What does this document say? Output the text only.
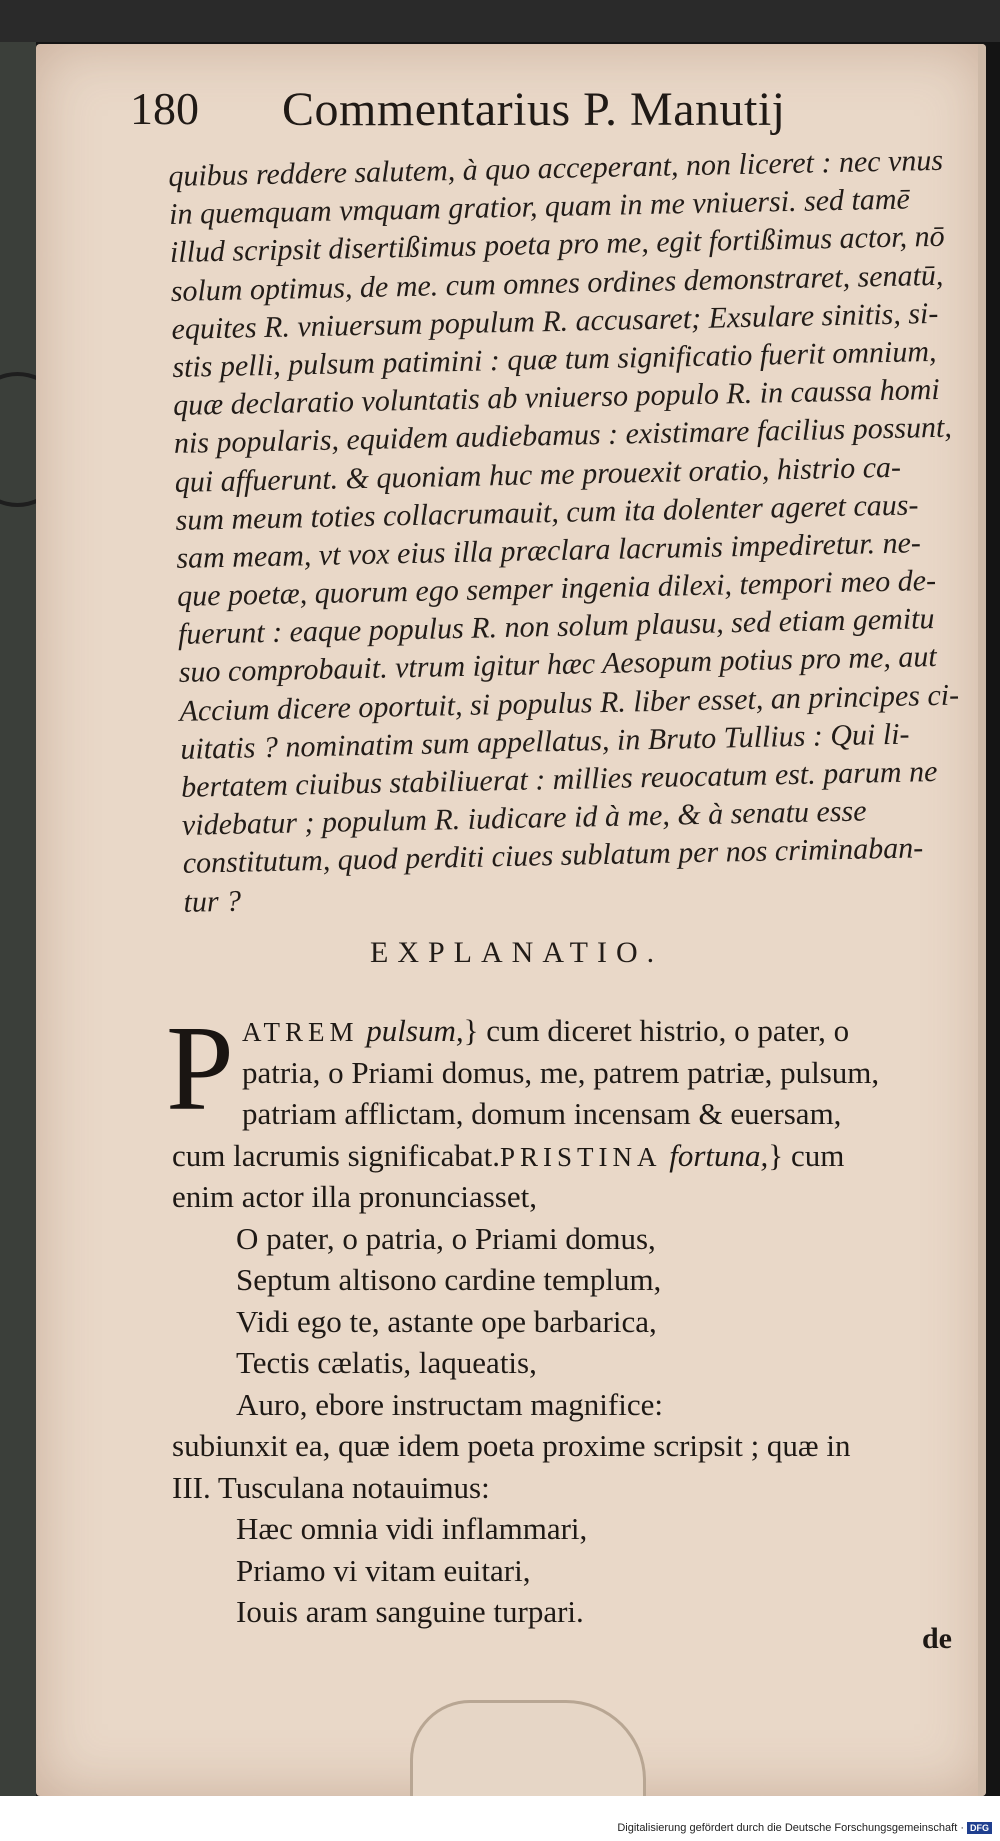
180 Commentarius P. Manutij
quibus reddere salutem, à quo acceperant, non liceret : nec vnus
in quemquam vmquam gratior, quam in me vniuersi. sed tamē
illud scripsit disertißimus poeta pro me, egit fortißimus actor, nō
solum optimus, de me. cum omnes ordines demonstraret, senatū,
equites R. vniuersum populum R. accusaret; Exsulare sinitis, si-
stis pelli, pulsum patimini : quæ tum significatio fuerit omnium,
quæ declaratio voluntatis ab vniuerso populo R. in caussa homi
nis popularis, equidem audiebamus : existimare facilius possunt,
qui affuerunt. & quoniam huc me prouexit oratio, histrio ca-
sum meum toties collacrumauit, cum ita dolenter ageret caus-
sam meam, vt vox eius illa præclara lacrumis impediretur. ne-
que poetæ, quorum ego semper ingenia dilexi, tempori meo de-
fuerunt : eaque populus R. non solum plausu, sed etiam gemitu
suo comprobauit. vtrum igitur hæc Aesopum potius pro me, aut
Accium dicere oportuit, si populus R. liber esset, an principes ci-
uitatis ? nominatim sum appellatus, in Bruto Tullius : Qui li-
bertatem ciuibus stabiliuerat : millies reuocatum est. parum ne
videbatur ; populum R. iudicare id à me, & à senatu esse
constitutum, quod perditi ciues sublatum per nos criminaban-
tur ?
EXPLANATIO.
P ATREM pulsum,} cum diceret histrio, o pater, o
patria, o Priami domus, me, patrem patriæ, pulsum,
patriam afflictam, domum incensam & euersam,
cum lacrumis significabat.PRISTINA fortuna,} cum
enim actor illa pronunciasset,
O pater, o patria, o Priami domus,
Septum altisono cardine templum,
Vidi ego te, astante ope barbarica,
Tectis cælatis, laqueatis,
Auro, ebore instructam magnifice:
subiunxit ea, quæ idem poeta proxime scripsit ; quæ in
III. Tusculana notauimus:
Hæc omnia vidi inflammari,
Priamo vi vitam euitari,
Iouis aram sanguine turpari.
de
Digitalisierung gefördert durch die Deutsche Forschungsgemeinschaft · DFG
